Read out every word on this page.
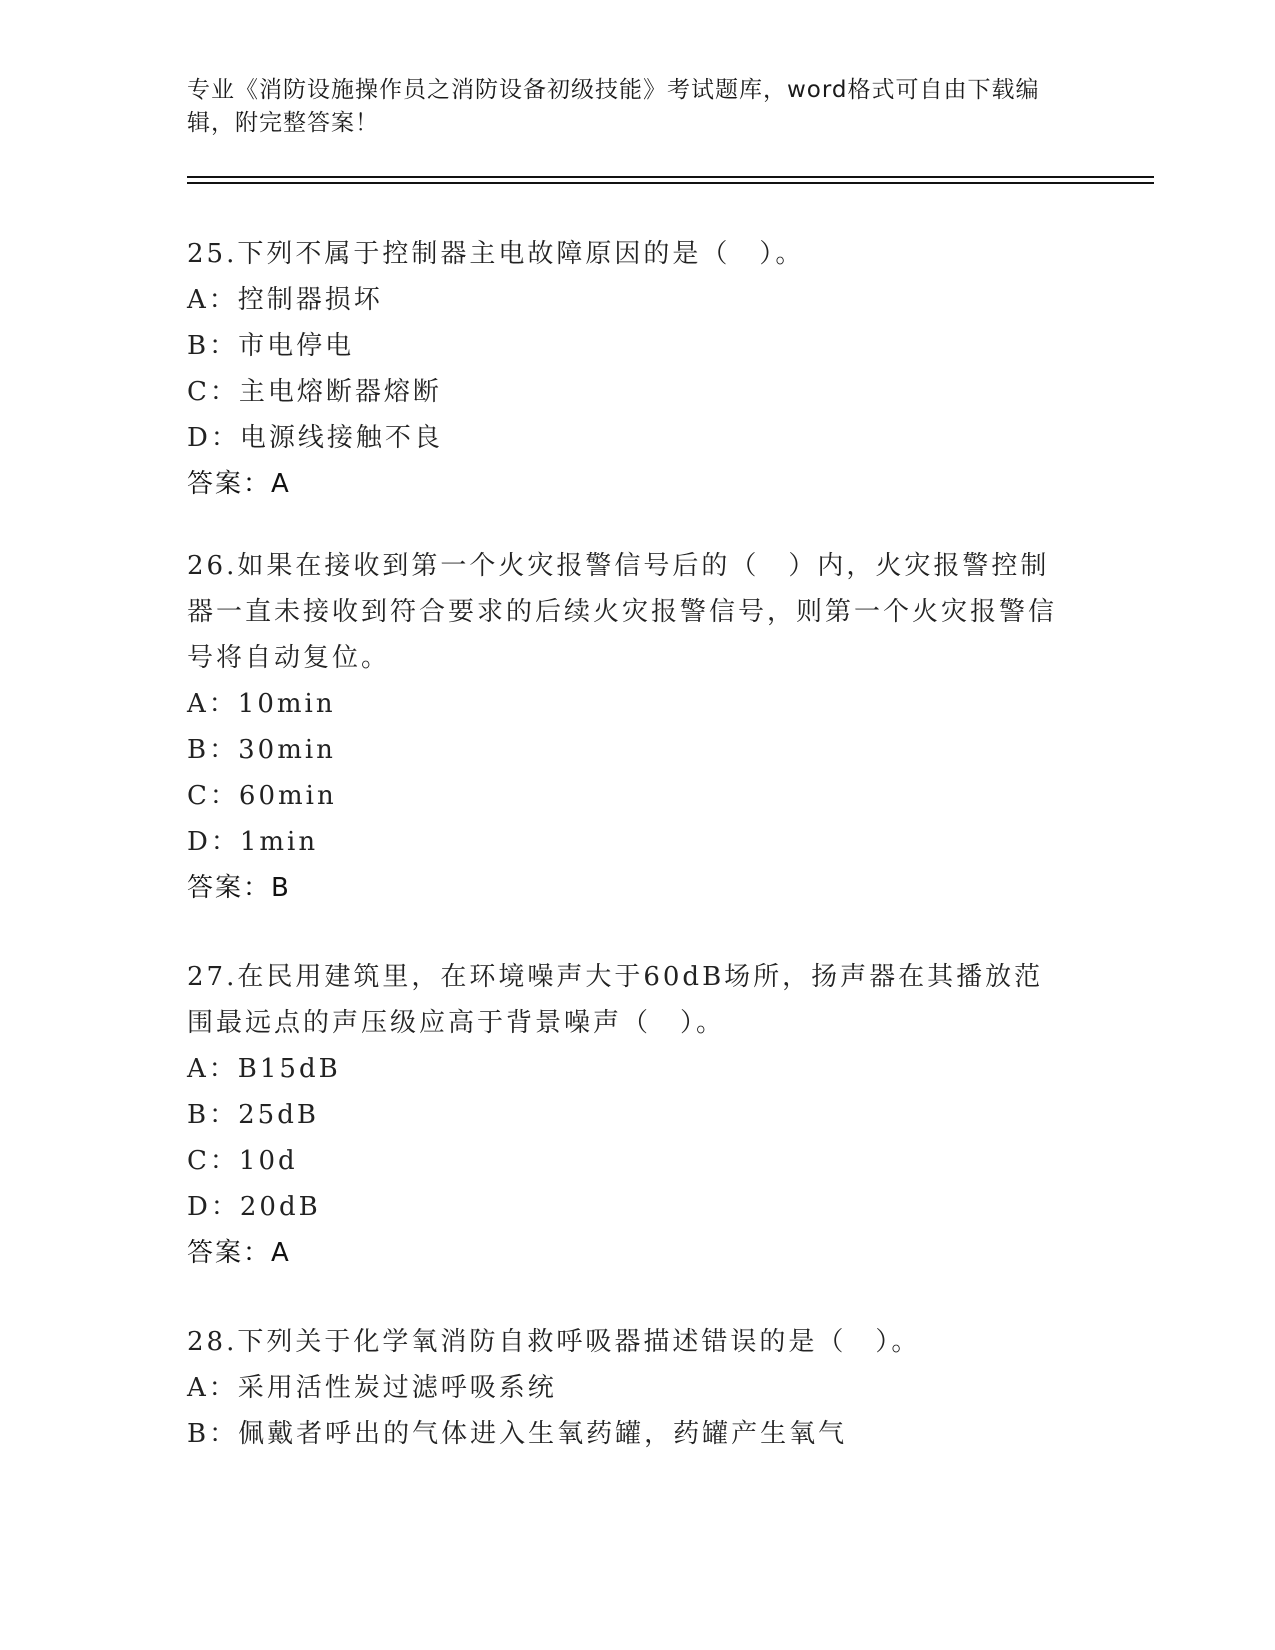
专业《消防设施操作员之消防设备初级技能》考试题库，word格式可自由下载编辑，附完整答案！
25.下列不属于控制器主电故障原因的是（　）。
A：控制器损坏
B：市电停电
C：主电熔断器熔断
D：电源线接触不良
答案：A
26.如果在接收到第一个火灾报警信号后的（　）内，火灾报警控制器一直未接收到符合要求的后续火灾报警信号，则第一个火灾报警信号将自动复位。
A：10min
B：30min
C：60min
D：1min
答案：B
27.在民用建筑里，在环境噪声大于60dB场所，扬声器在其播放范围最远点的声压级应高于背景噪声（　）。
A：B15dB
B：25dB
C：10d
D：20dB
答案：A
28.下列关于化学氧消防自救呼吸器描述错误的是（　）。
A：采用活性炭过滤呼吸系统
B：佩戴者呼出的气体进入生氧药罐，药罐产生氧气
